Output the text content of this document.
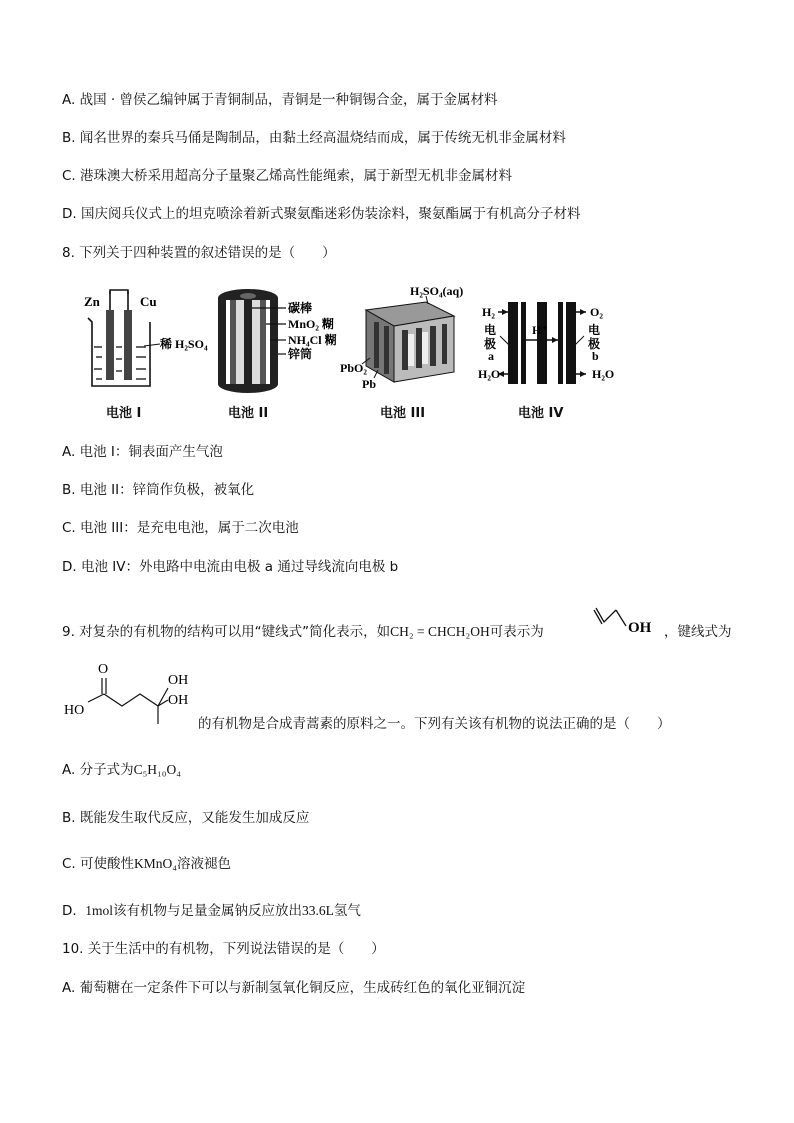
A. 战国 · 曾侯乙编钟属于青铜制品，青铜是一种铜锡合金，属于金属材料
B. 闻名世界的秦兵马俑是陶制品，由黏土经高温烧结而成，属于传统无机非金属材料
C. 港珠澳大桥采用超高分子量聚乙烯高性能绳索，属于新型无机非金属材料
D. 国庆阅兵仪式上的坦克喷涂着新式聚氨酯迷彩伪装涂料，聚氨酯属于有机高分子材料
8. 下列关于四种装置的叙述错误的是（　　）
Zn	Cu
稀 H₂SO₄
电池 I
碳棒
MnO₂ 糊
NH₄Cl 糊
锌筒
电池 II
H₂SO₄(aq)
PbO₂
Pb
电池 III
H₂	O₂
电
极
a
H⁺	电
极
b
H₂O	H₂O
电池 IV
A. 电池 I：铜表面产生气泡
B. 电池 II：锌筒作负极，被氧化
C. 电池 III：是充电电池，属于二次电池
D. 电池 IV：外电路中电流由电极 a 通过导线流向电极 b
9. 对复杂的有机物的结构可以用“键线式”简化表示，如CH₂ = CHCH₂OH可表示为	OH ，键线式为
O
HO
OH
OH
的有机物是合成青蒿素的原料之一。下列有关该有机物的说法正确的是（　　）
A. 分子式为C₅H₁₀O₄
B. 既能发生取代反应，又能发生加成反应
C. 可使酸性KMnO₄溶液褪色
D. 1mol该有机物与足量金属钠反应放出33.6L氢气
10. 关于生活中的有机物，下列说法错误的是（　　）
A. 葡萄糖在一定条件下可以与新制氢氧化铜反应，生成砖红色的氧化亚铜沉淀
